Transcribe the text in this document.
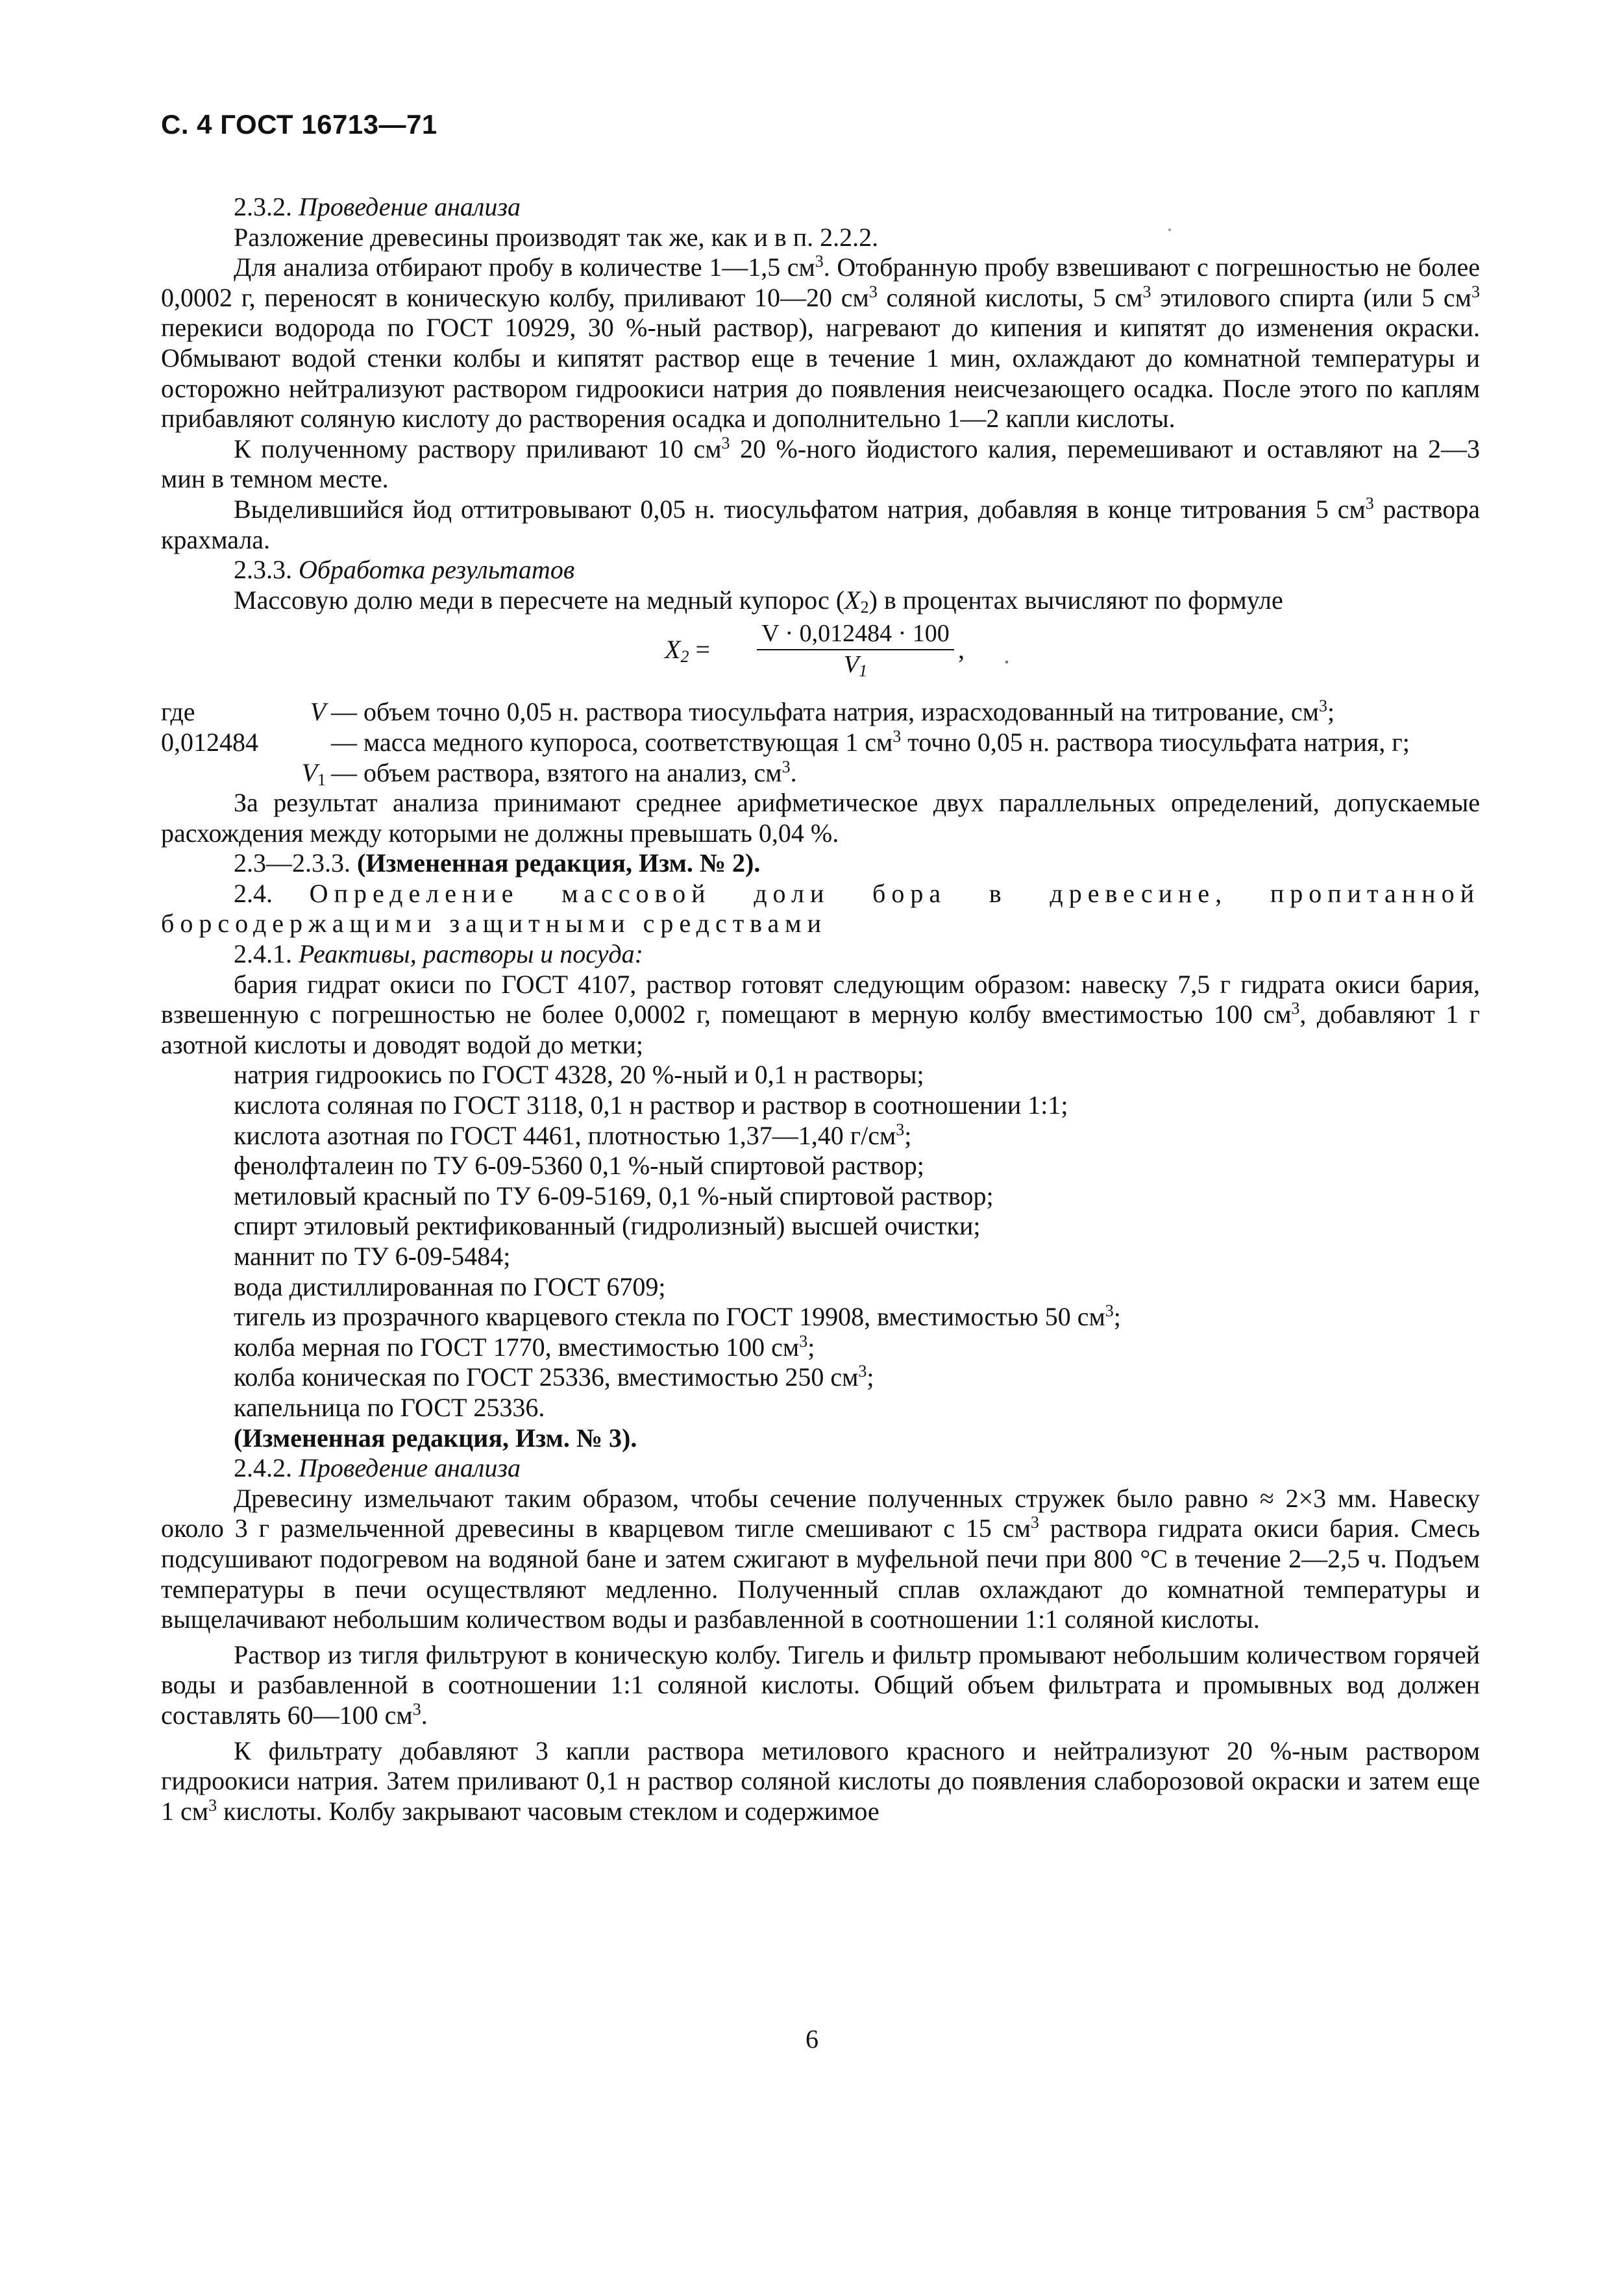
С. 4 ГОСТ 16713—71

2.3.2. Проведение анализа

Разложение древесины производят так же, как и в п. 2.2.2.

Для анализа отбирают пробу в количестве 1—1,5 $см^3$. Отобранную пробу взвешивают с погрешностью не более 0,0002 г, переносят в коническую колбу, приливают 10—20 $см^3$ соляной кислоты, 5 $см^3$ этилового спирта (или 5 $см^3$ перекиси водорода по ГОСТ 10929, 30 %-ный раствор), нагревают до кипения и кипятят до изменения окраски. Обмывают водой стенки колбы и кипятят раствор еще в течение 1 мин, охлаждают до комнатной температуры и осторожно нейтрализуют раствором гидроокиси натрия до появления неисчезающего осадка. После этого по каплям прибавляют соляную кислоту до растворения осадка и дополнительно 1—2 капли кислоты.

К полученному раствору приливают 10 $см^3$ 20 %-ного йодистого калия, перемешивают и оставляют на 2—3 мин в темном месте.

Выделившийся йод оттитровывают 0,05 н. тиосульфатом натрия, добавляя в конце титрования 5 $см^3$ раствора крахмала.

2.3.3. Обработка результатов

Массовую долю меди в пересчете на медный купорос $(X_2)$ в процентах вычисляют по формуле

$X_2$ =
V · 0,012484 · 100
$V_1$
, .
где	V — объем точно 0,05 н. раствора тиосульфата натрия, израсходованный на титрование, $см^3$;
0,012484	— масса медного купороса, соответствующая 1 $см^3$ точно 0,05 н. раствора тиосульфата натрия, г;
$V_1$ — объем раствора, взятого на анализ, $см^3$.

За результат анализа принимают среднее арифметическое двух параллельных определений, допускаемые расхождения между которыми не должны превышать 0,04 %.

2.3—2.3.3. (Измененная редакция, Изм. № 2).

2.4. Определение массовой доли бора в древесине, пропитанной борсодержащими защитными средствами

2.4.1. Реактивы, растворы и посуда:

бария гидрат окиси по ГОСТ 4107, раствор готовят следующим образом: навеску 7,5 г гидрата окиси бария, взвешенную с погрешностью не более 0,0002 г, помещают в мерную колбу вместимостью 100 $см^3$, добавляют 1 г азотной кислоты и доводят водой до метки;

натрия гидроокись по ГОСТ 4328, 20 %-ный и 0,1 н растворы;

кислота соляная по ГОСТ 3118, 0,1 н раствор и раствор в соотношении 1:1;

кислота азотная по ГОСТ 4461, плотностью 1,37—1,40 $г/см^3$;

фенолфталеин по ТУ 6-09-5360 0,1 %-ный спиртовой раствор;

метиловый красный по ТУ 6-09-5169, 0,1 %-ный спиртовой раствор;

спирт этиловый ректификованный (гидролизный) высшей очистки;

маннит по ТУ 6-09-5484;

вода дистиллированная по ГОСТ 6709;

тигель из прозрачного кварцевого стекла по ГОСТ 19908, вместимостью 50 $см^3$;

колба мерная по ГОСТ 1770, вместимостью 100 $см^3$;

колба коническая по ГОСТ 25336, вместимостью 250 $см^3$;

капельница по ГОСТ 25336.

(Измененная редакция, Изм. № 3).

2.4.2. Проведение анализа

Древесину измельчают таким образом, чтобы сечение полученных стружек было равно ≈ 2×3 мм. Навеску около 3 г размельченной древесины в кварцевом тигле смешивают с 15 $см^3$ раствора гидрата окиси бария. Смесь подсушивают подогревом на водяной бане и затем сжигают в муфельной печи при 800 °С в течение 2—2,5 ч. Подъем температуры в печи осуществляют медленно. Полученный сплав охлаждают до комнатной температуры и выщелачивают небольшим количеством воды и разбавленной в соотношении 1:1 соляной кислоты.

Раствор из тигля фильтруют в коническую колбу. Тигель и фильтр промывают небольшим количеством горячей воды и разбавленной в соотношении 1:1 соляной кислоты. Общий объем фильтрата и промывных вод должен составлять 60—100 $см^3$.

К фильтрату добавляют 3 капли раствора метилового красного и нейтрализуют 20 %-ным раствором гидроокиси натрия. Затем приливают 0,1 н раствор соляной кислоты до появления слаборозовой окраски и затем еще 1 $см^3$ кислоты. Колбу закрывают часовым стеклом и содержимое

6
